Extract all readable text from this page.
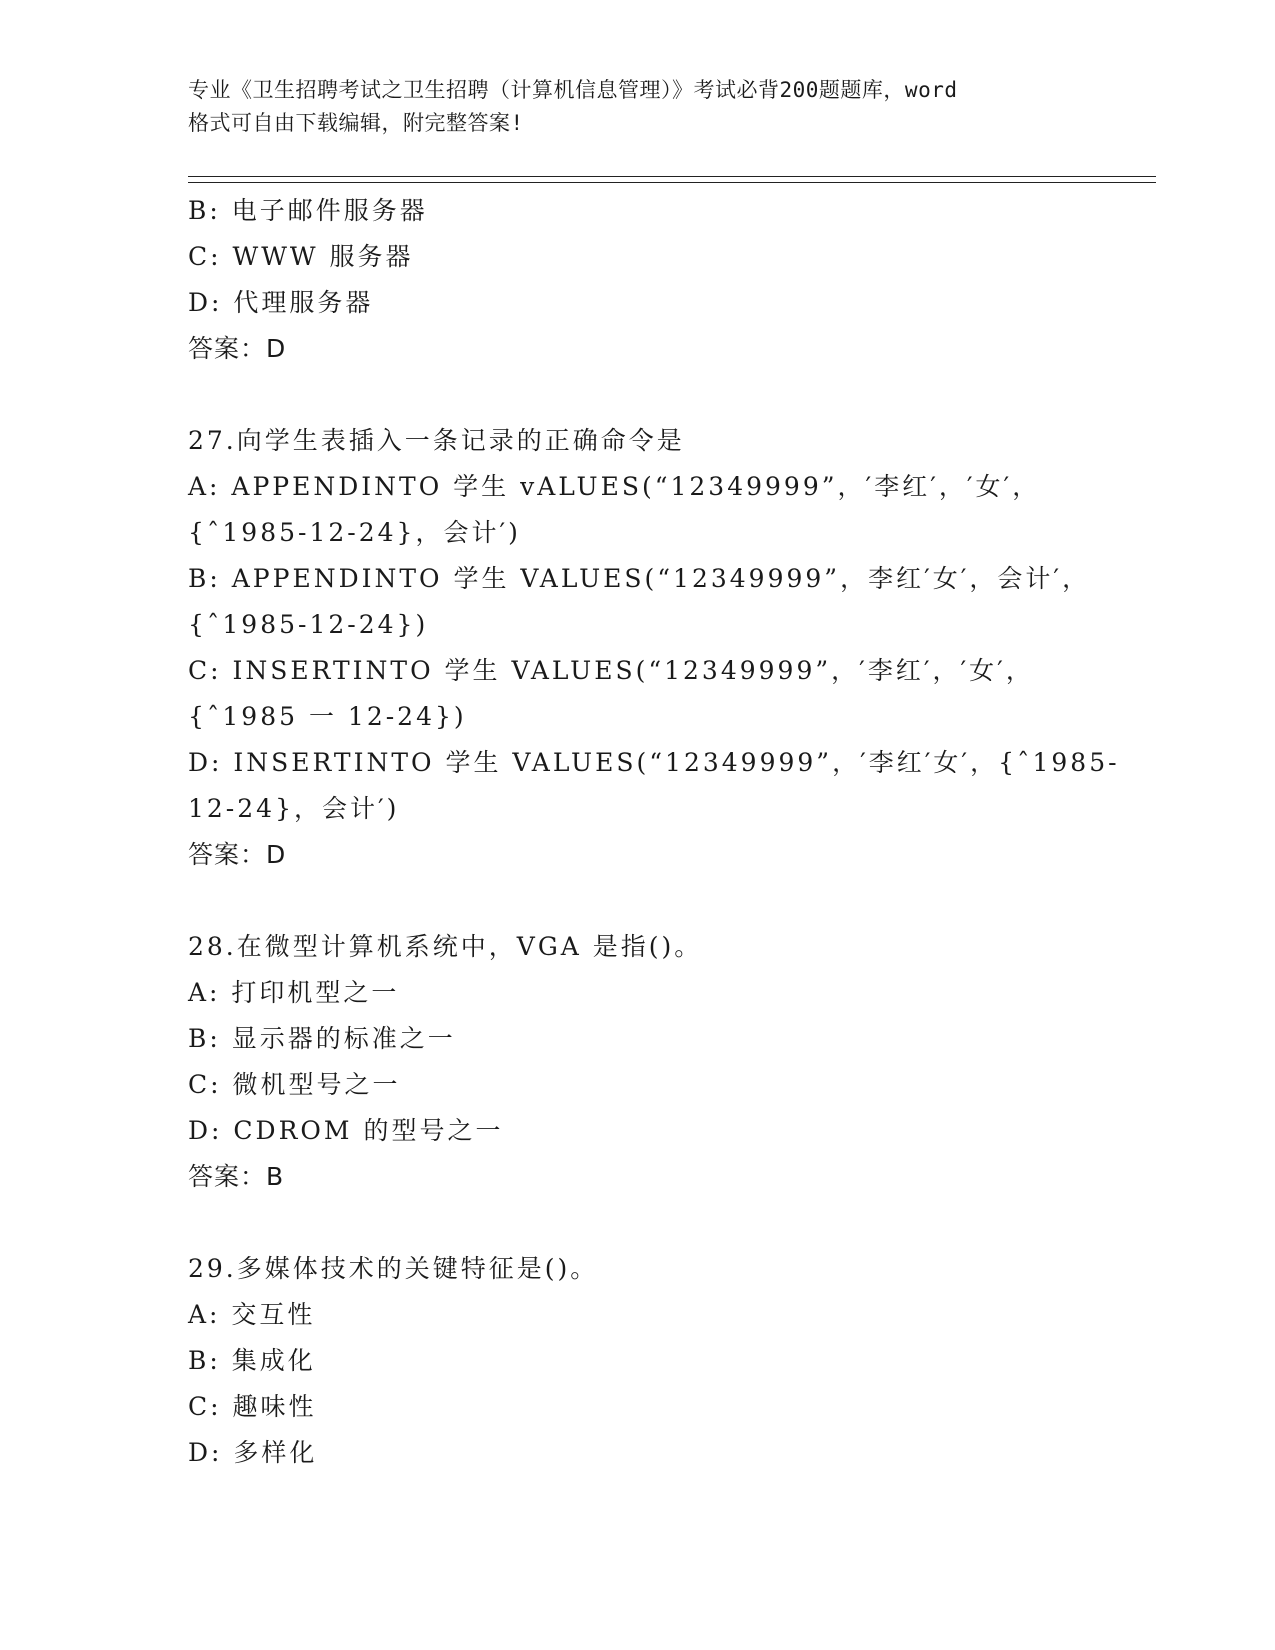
专业《卫生招聘考试之卫生招聘（计算机信息管理）》考试必背200题题库，word
格式可自由下载编辑，附完整答案!
B: 电子邮件服务器
C: WWW 服务器
D: 代理服务器
答案：D
27.向学生表插入一条记录的正确命令是
A: APPENDINTO 学生 vALUES(“12349999”，′李红′，′女′，
{ˆ1985-12-24}，会计′)
B: APPENDINTO 学生 VALUES(“12349999”，李红′女′，会计′，
{ˆ1985-12-24})
C: INSERTINTO 学生 VALUES(“12349999”，′李红′，′女′，
{ˆ1985 一 12-24})
D: INSERTINTO 学生 VALUES(“12349999”，′李红′女′，{ˆ1985-
12-24}，会计′)
答案：D
28.在微型计算机系统中，VGA 是指()。
A: 打印机型之一
B: 显示器的标准之一
C: 微机型号之一
D: CDROM 的型号之一
答案：B
29.多媒体技术的关键特征是()。
A: 交互性
B: 集成化
C: 趣味性
D: 多样化
